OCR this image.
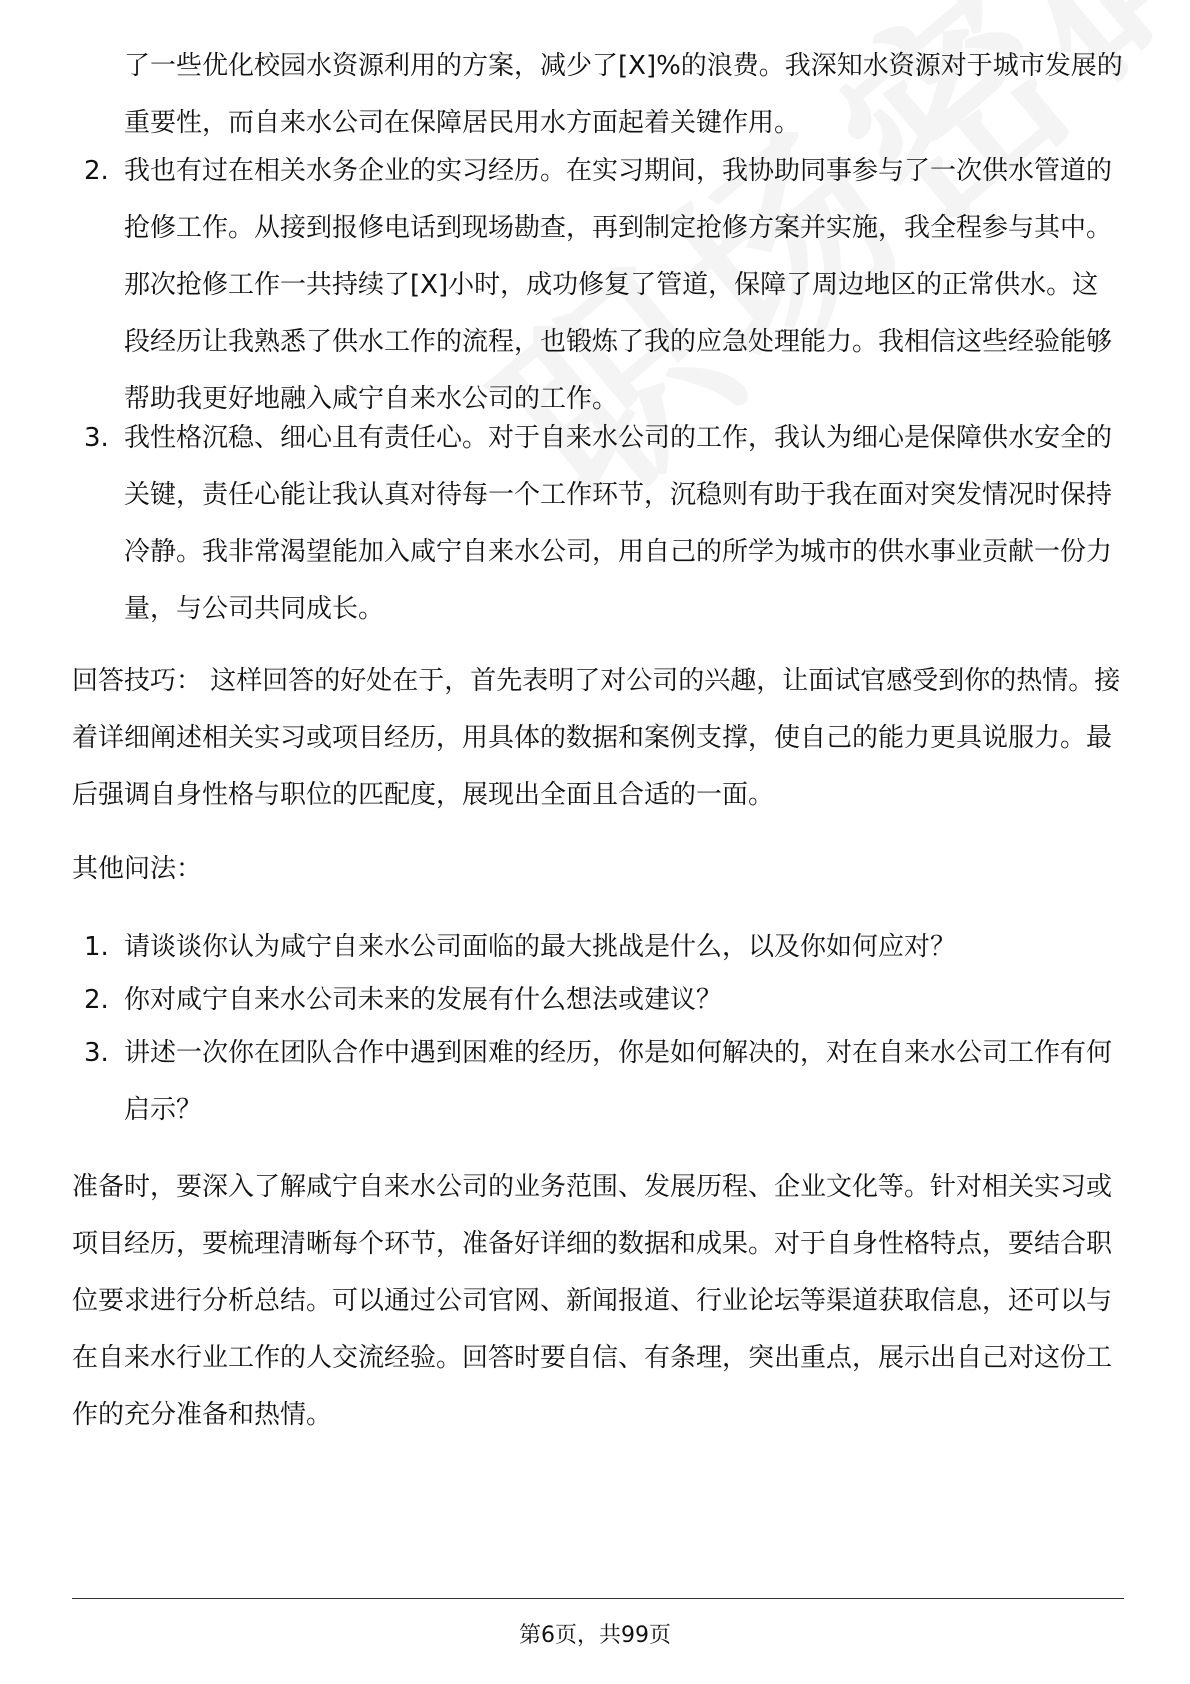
了一些优化校园水资源利用的方案，减少了[X]%的浪费。我深知水资源对于城市发展的重要性，而自来水公司在保障居民用水方面起着关键作用。
2. 我也有过在相关水务企业的实习经历。在实习期间，我协助同事参与了一次供水管道的抢修工作。从接到报修电话到现场勘查，再到制定抢修方案并实施，我全程参与其中。那次抢修工作一共持续了[X]小时，成功修复了管道，保障了周边地区的正常供水。这段经历让我熟悉了供水工作的流程，也锻炼了我的应急处理能力。我相信这些经验能够帮助我更好地融入咸宁自来水公司的工作。
3. 我性格沉稳、细心且有责任心。对于自来水公司的工作，我认为细心是保障供水安全的关键，责任心能让我认真对待每一个工作环节，沉稳则有助于我在面对突发情况时保持冷静。我非常渴望能加入咸宁自来水公司，用自己的所学为城市的供水事业贡献一份力量，与公司共同成长。
回答技巧： 这样回答的好处在于，首先表明了对公司的兴趣，让面试官感受到你的热情。接着详细阐述相关实习或项目经历，用具体的数据和案例支撑，使自己的能力更具说服力。最后强调自身性格与职位的匹配度，展现出全面且合适的一面。
其他问法：
1. 请谈谈你认为咸宁自来水公司面临的最大挑战是什么，以及你如何应对？
2. 你对咸宁自来水公司未来的发展有什么想法或建议？
3. 讲述一次你在团队合作中遇到困难的经历，你是如何解决的，对在自来水公司工作有何启示？
准备时，要深入了解咸宁自来水公司的业务范围、发展历程、企业文化等。针对相关实习或项目经历，要梳理清晰每个环节，准备好详细的数据和成果。对于自身性格特点，要结合职位要求进行分析总结。可以通过公司官网、新闻报道、行业论坛等渠道获取信息，还可以与在自来水行业工作的人交流经验。回答时要自信、有条理，突出重点，展示出自己对这份工作的充分准备和热情。
第6页，共99页
